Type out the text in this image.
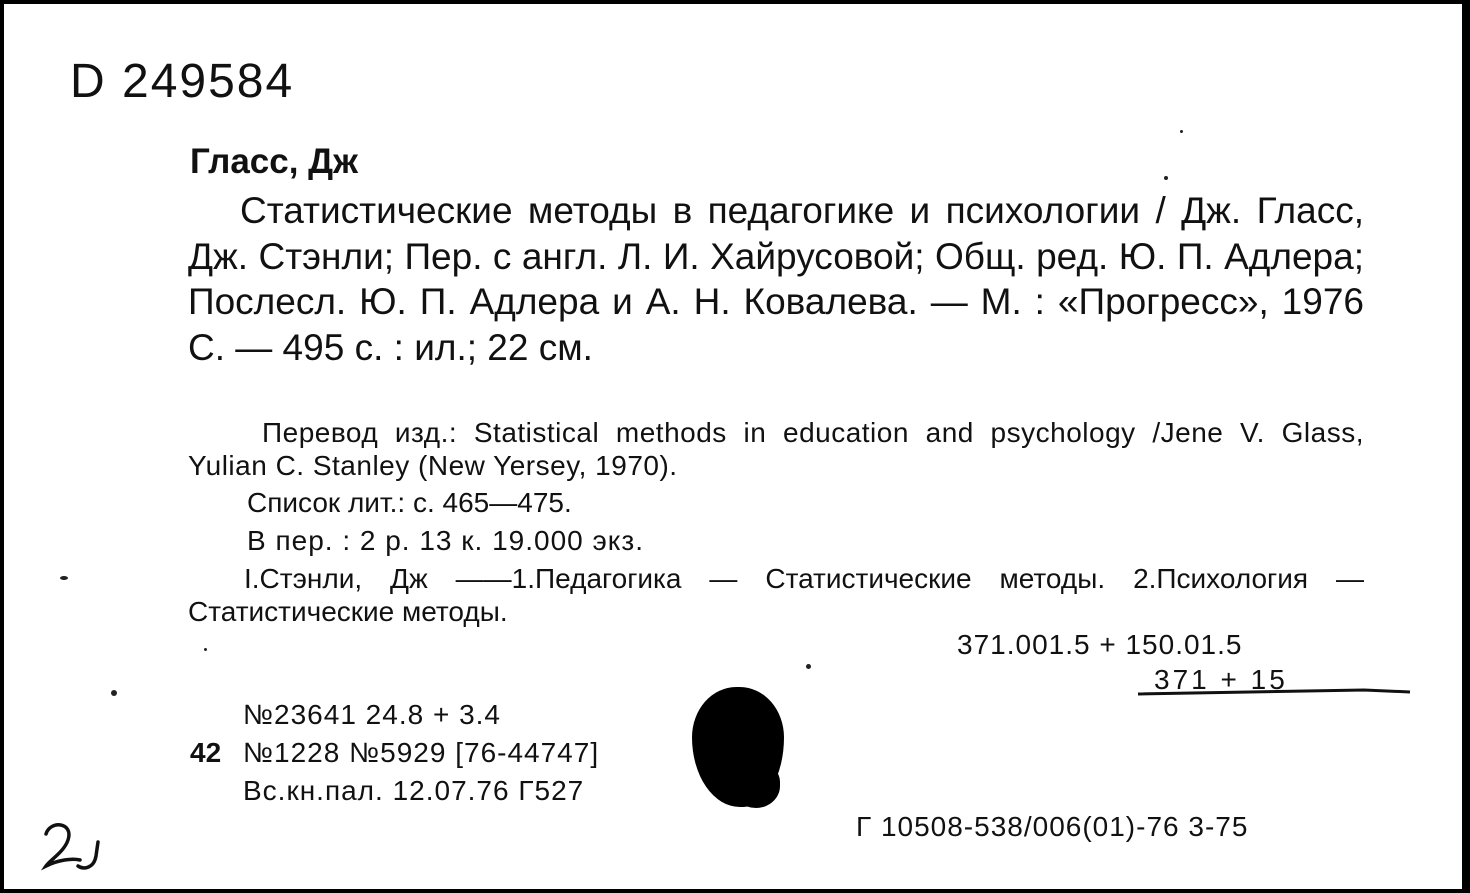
D 249584
Гласс, Дж
Статистические методы в педагогике и психологии / Дж. Гласс, Дж. Стэнли; Пер. с англ. Л. И. Хайрусовой; Общ. ред. Ю. П. Адлера; Послесл. Ю. П. Адлера и А. Н. Ковалева. — М. : «Прогресс», 1976 С. — 495 с. : ил.; 22 см.
Перевод изд.: Statistical methods in education and psychology /Jene V. Glass, Yulian C. Stanley (New Yersey, 1970).
Список лит.: с. 465—475.
В пер. : 2 р. 13 к. 19.000 экз.
I.Стэнли, Дж ——1.Педагогика — Статистические методы. 2.Психология — Статистические методы.
371.001.5 + 150.01.5
371 + 15
№23641 24.8 + 3.4
42 №1228 №5929 [76-44747]
Вс.кн.пал. 12.07.76 Г527
Г 10508-538/006(01)-76 3-75
